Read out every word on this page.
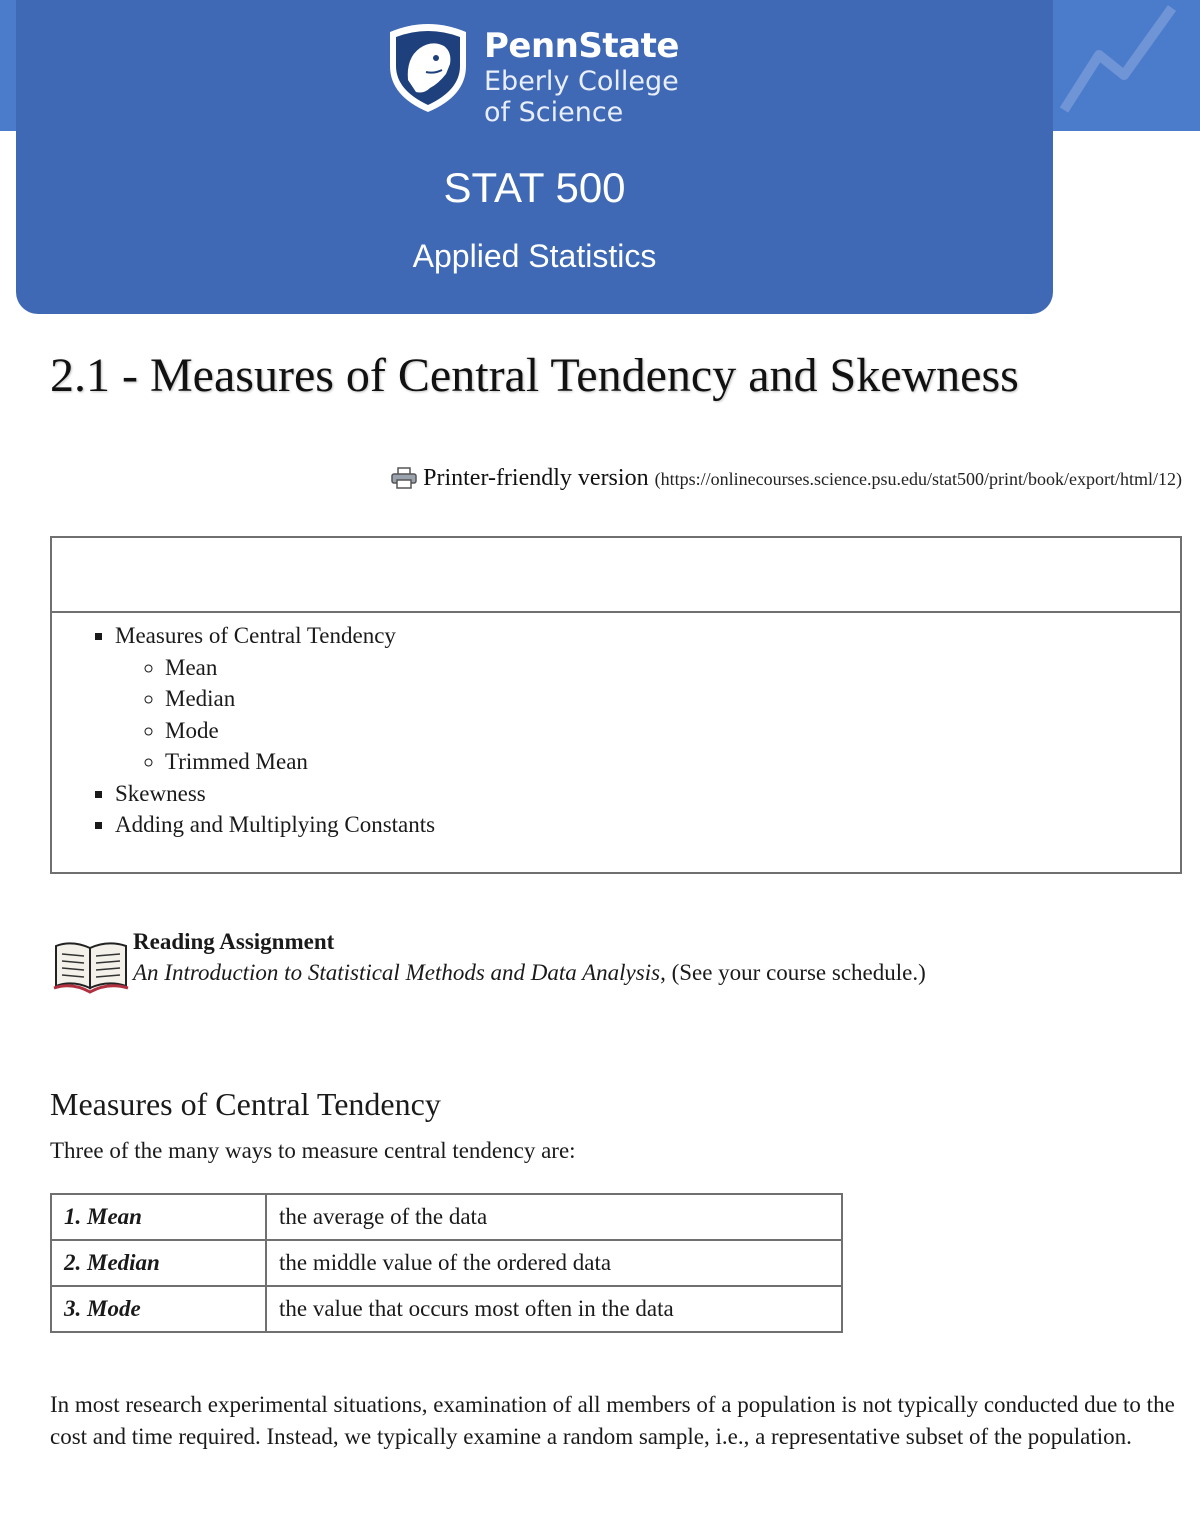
PennState
Eberly College
of Science
STAT 500
Applied Statistics
2.1 - Measures of Central Tendency and Skewness
Printer-friendly version (https://onlinecourses.science.psu.edu/stat500/print/book/export/html/12)
▪ Measures of Central Tendency
◦ Mean
◦ Median
◦ Mode
◦ Trimmed Mean
▪ Skewness
▪ Adding and Multiplying Constants
Reading Assignment
An Introduction to Statistical Methods and Data Analysis, (See your course schedule.)
Measures of Central Tendency

Three of the many ways to measure central tendency are:

1. Mean	the average of the data
2. Median	the middle value of the ordered data
3. Mode	the value that occurs most often in the data

In most research experimental situations, examination of all members of a population is not typically conducted due to the cost and time required. Instead, we typically examine a random sample, i.e., a representative subset of the population.
